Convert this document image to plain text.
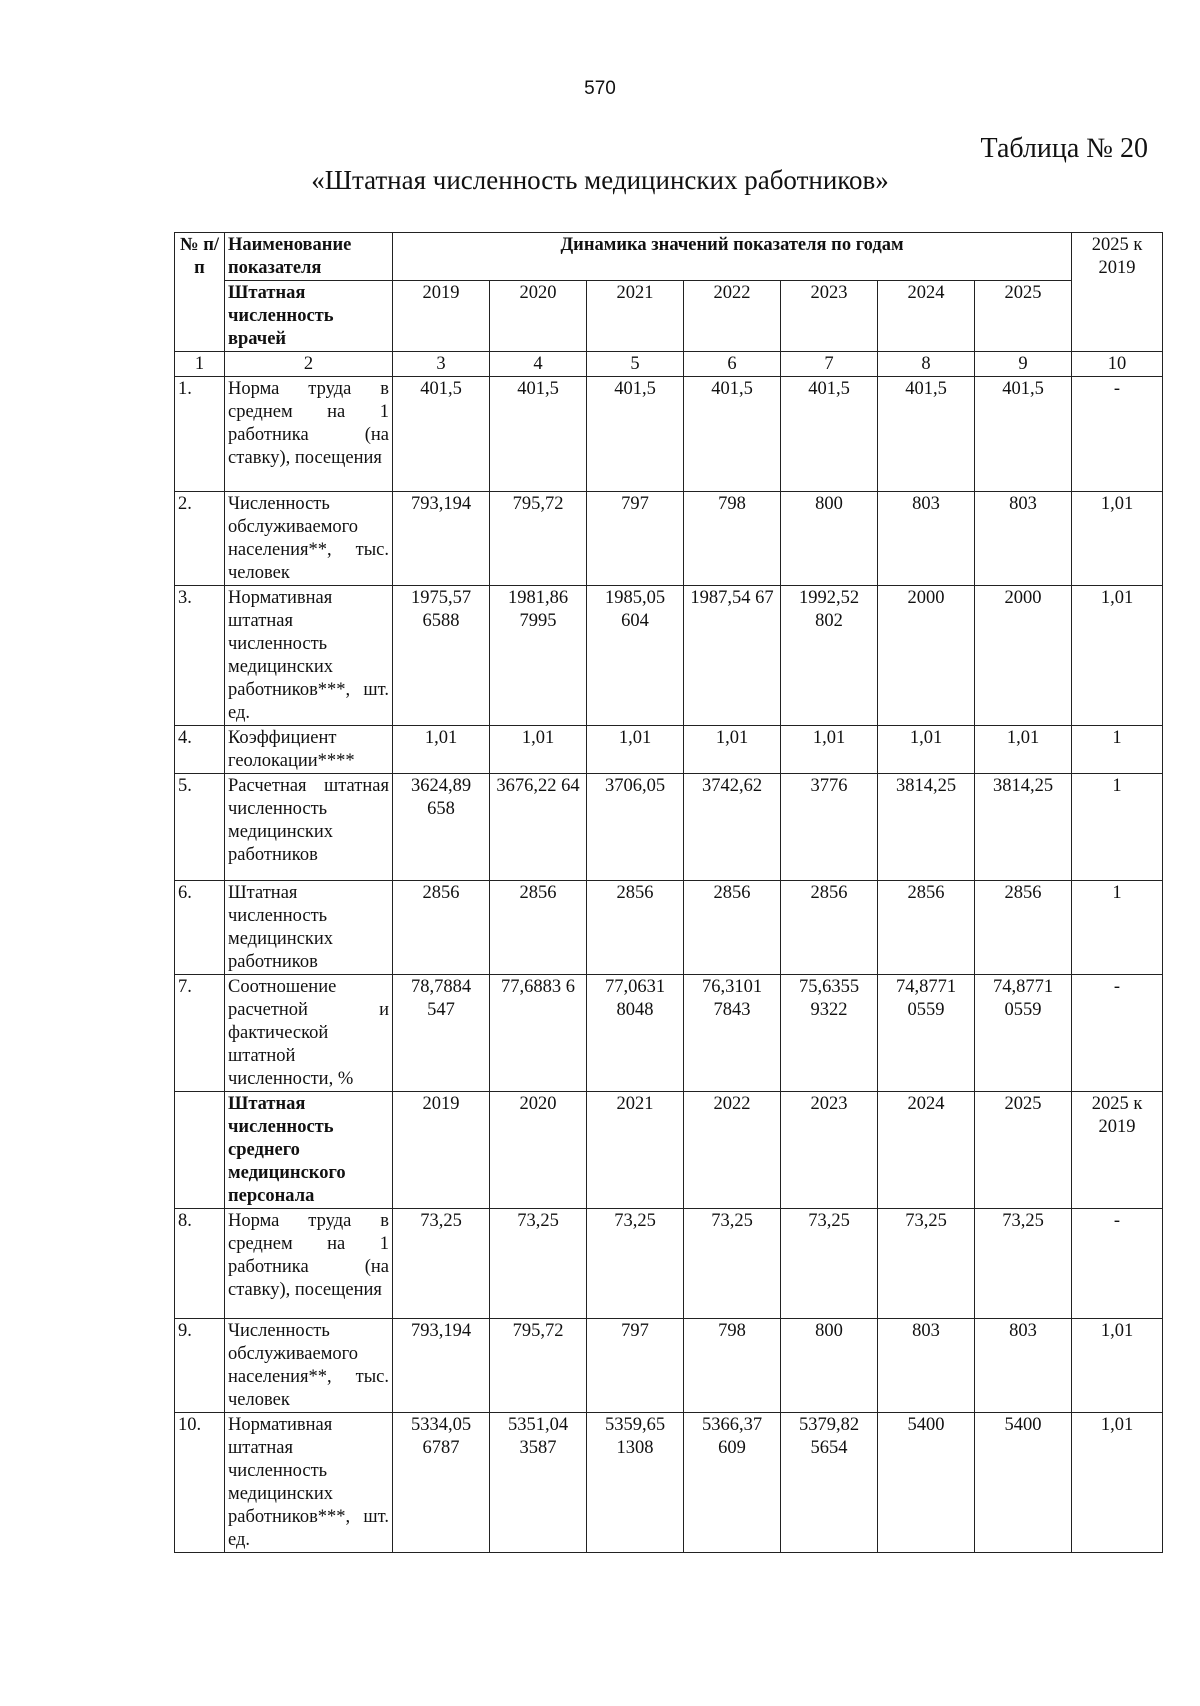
570
Таблица № 20
«Штатная численность медицинских работников»
№ п/п	Наименование показателя	Динамика значений показателя по годам							2025 к 2019
	Штатная численность врачей	2019	2020	2021	2022	2023	2024	2025	
1	2	3	4	5	6	7	8	9	10
1.	Норма труда в среднем на 1 работника (на ставку), посещения	401,5	401,5	401,5	401,5	401,5	401,5	401,5	-
2.	Численность обслуживаемого населения**, тыс. человек	793,194	795,72	797	798	800	803	803	1,01
3.	Нормативная штатная численность медицинских работников***, шт. ед.	1975,57 6588	1981,86 7995	1985,05 604	1987,54 67	1992,52 802	2000	2000	1,01
4.	Коэффициент геолокации****	1,01	1,01	1,01	1,01	1,01	1,01	1,01	1
5.	Расчетная штатная численность медицинских работников	3624,89 658	3676,22 64	3706,05	3742,62	3776	3814,25	3814,25	1
6.	Штатная численность медицинских работников	2856	2856	2856	2856	2856	2856	2856	1
7.	Соотношение расчетной и фактической штатной численности, %	78,7884 547	77,6883 6	77,0631 8048	76,3101 7843	75,6355 9322	74,8771 0559	74,8771 0559	-
	Штатная численность среднего медицинского персонала	2019	2020	2021	2022	2023	2024	2025	2025 к 2019
8.	Норма труда в среднем на 1 работника (на ставку), посещения	73,25	73,25	73,25	73,25	73,25	73,25	73,25	-
9.	Численность обслуживаемого населения**, тыс. человек	793,194	795,72	797	798	800	803	803	1,01
10.	Нормативная штатная численность медицинских работников***, шт. ед.	5334,05 6787	5351,04 3587	5359,65 1308	5366,37 609	5379,82 5654	5400	5400	1,01
